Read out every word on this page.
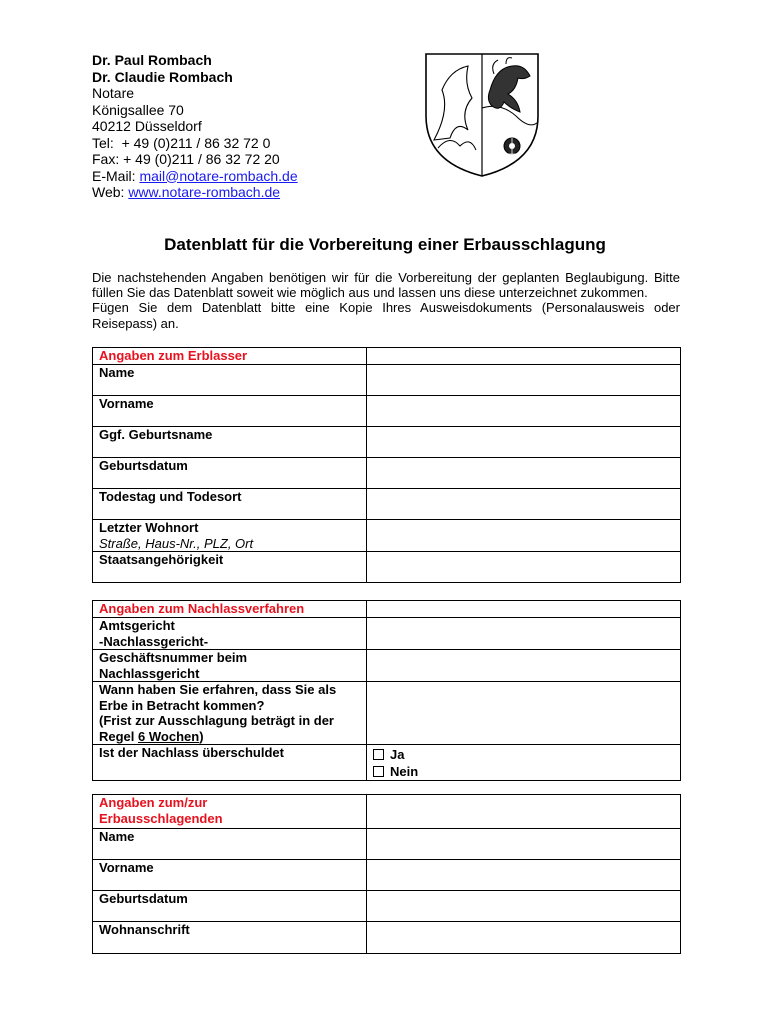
Dr. Paul Rombach
Dr. Claudie Rombach
Notare
Königsallee 70
40212 Düsseldorf
Tel:  + 49 (0)211 / 86 32 72 0
Fax: + 49 (0)211 / 86 32 72 20
E-Mail: mail@notare-rombach.de
Web: www.notare-rombach.de
Datenblatt für die Vorbereitung einer Erbausschlagung

Die nachstehenden Angaben benötigen wir für die Vorbereitung der geplanten Beglaubigung. Bitte füllen Sie das Datenblatt soweit wie möglich aus und lassen uns diese unterzeichnet zukommen.

Fügen Sie dem Datenblatt bitte eine Kopie Ihres Ausweisdokuments (Personalausweis oder Reisepass) an.

Angaben zum Erblasser	
Name	
Vorname	
Ggf. Geburtsname	
Geburtsdatum	
Todestag und Todesort	

Letzter Wohnort
Straße, Haus-Nr., PLZ, Ort	

Staatsangehörigkeit	
Angaben zum Nachlassverfahren	

Amtsgericht
-Nachlassgericht-	

Geschäftsnummer beim
Nachlassgericht	

Wann haben Sie erfahren, dass Sie als
Erbe in Betracht kommen?
(Frist zur Ausschlagung beträgt in der
Regel 6 Wochen)	

Ist der Nachlass überschuldet	Ja
Nein
Angaben zum/zur
Erbausschlagenden	

Name	
Vorname	
Geburtsdatum	
Wohnanschrift	
